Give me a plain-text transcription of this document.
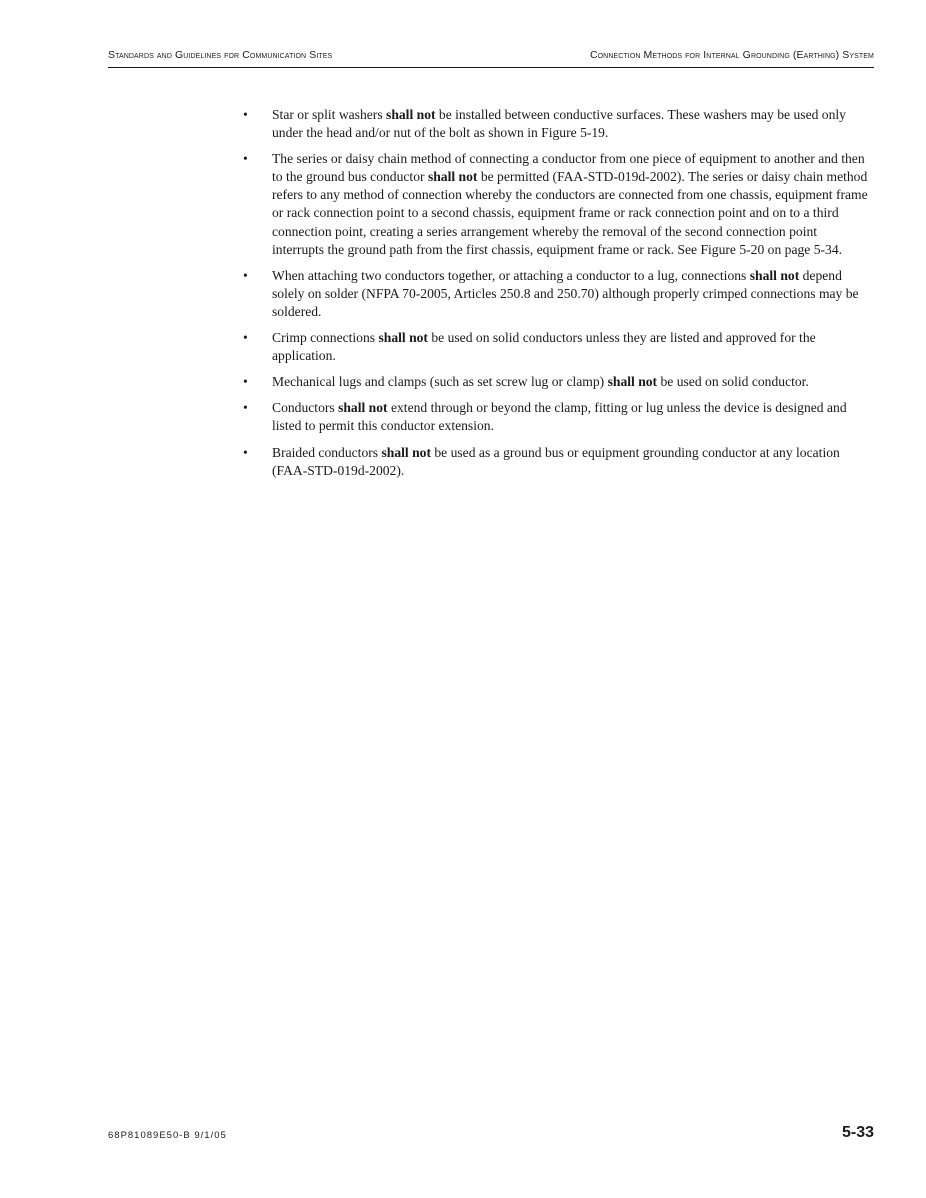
Standards and Guidelines for Communication Sites	Connection Methods for Internal Grounding (Earthing) System
• Star or split washers shall not be installed between conductive surfaces. These washers may be used only under the head and/or nut of the bolt as shown in Figure 5-19.
• The series or daisy chain method of connecting a conductor from one piece of equipment to another and then to the ground bus conductor shall not be permitted (FAA-STD-019d-2002). The series or daisy chain method refers to any method of connection whereby the conductors are connected from one chassis, equipment frame or rack connection point to a second chassis, equipment frame or rack connection point and on to a third connection point, creating a series arrangement whereby the removal of the second connection point interrupts the ground path from the first chassis, equipment frame or rack. See Figure 5-20 on page 5-34.
• When attaching two conductors together, or attaching a conductor to a lug, connections shall not depend solely on solder (NFPA 70-2005, Articles 250.8 and 250.70) although properly crimped connections may be soldered.
• Crimp connections shall not be used on solid conductors unless they are listed and approved for the application.
• Mechanical lugs and clamps (such as set screw lug or clamp) shall not be used on solid conductor.
• Conductors shall not extend through or beyond the clamp, fitting or lug unless the device is designed and listed to permit this conductor extension.
• Braided conductors shall not be used as a ground bus or equipment grounding conductor at any location (FAA-STD-019d-2002).
68P81089E50-B 9/1/05	5-33
